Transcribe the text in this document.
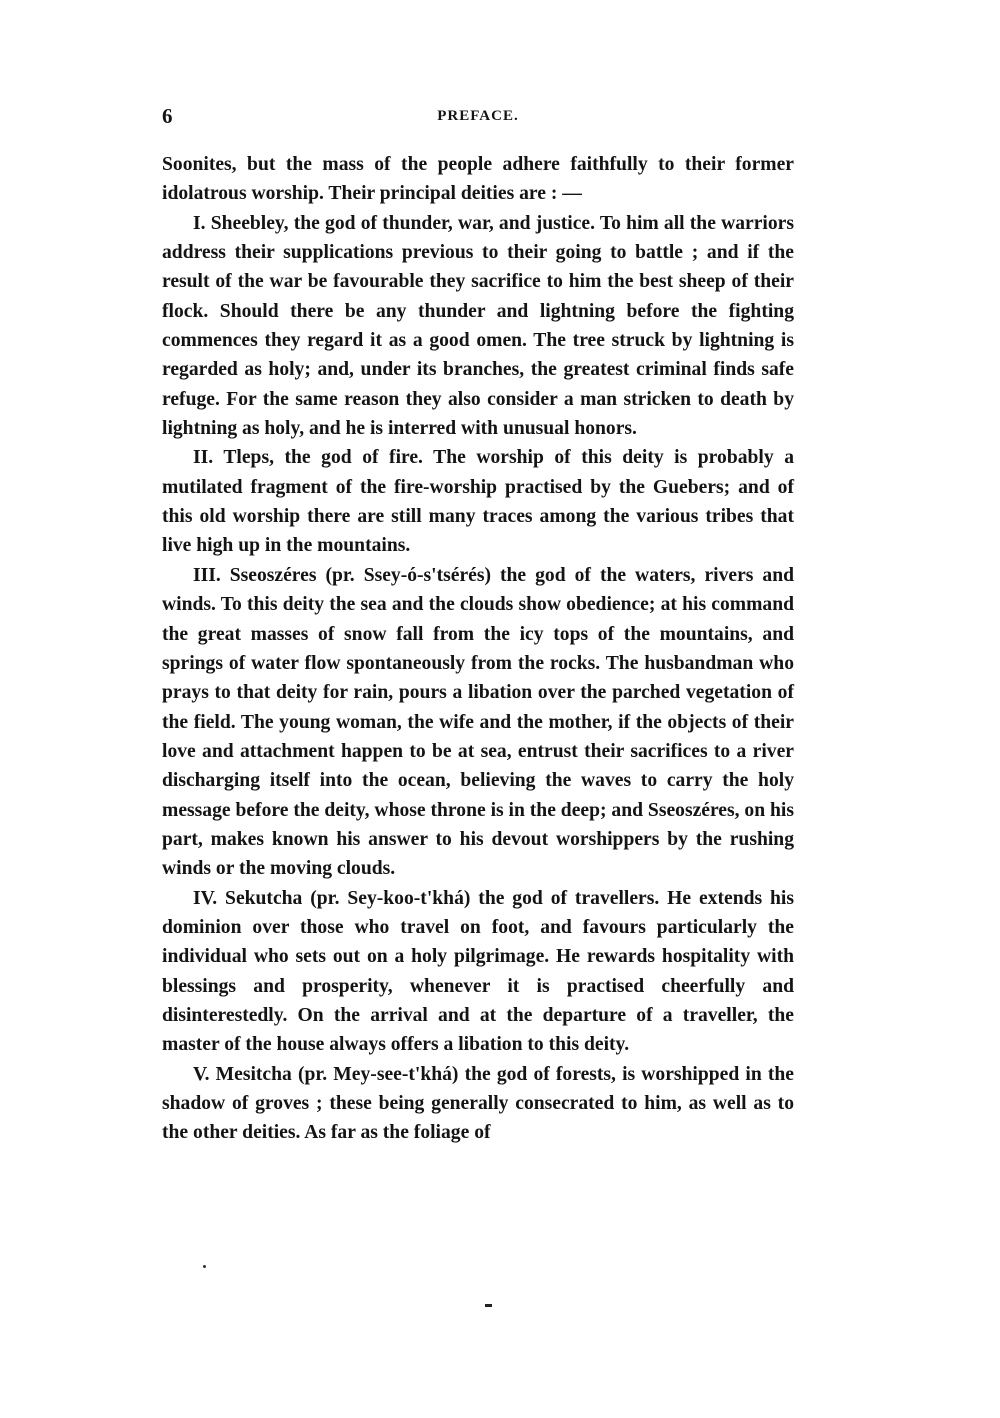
6	PREFACE.

Soonites, but the mass of the people adhere faithfully to their former idolatrous worship. Their principal deities are : —

I. Sheebley, the god of thunder, war, and justice. To him all the warriors address their supplications previous to their going to battle ; and if the result of the war be favourable they sacrifice to him the best sheep of their flock. Should there be any thunder and lightning before the fighting commences they regard it as a good omen. The tree struck by lightning is regarded as holy; and, under its branches, the greatest criminal finds safe refuge. For the same reason they also consider a man stricken to death by lightning as holy, and he is interred with unusual honors.

II. Tleps, the god of fire. The worship of this deity is probably a mutilated fragment of the fire-worship practised by the Guebers; and of this old worship there are still many traces among the various tribes that live high up in the mountains.

III. Sseoszéres (pr. Ssey-ó-s'tsérés) the god of the waters, rivers and winds. To this deity the sea and the clouds show obedience; at his command the great masses of snow fall from the icy tops of the mountains, and springs of water flow spontaneously from the rocks. The husbandman who prays to that deity for rain, pours a libation over the parched vegetation of the field. The young woman, the wife and the mother, if the objects of their love and attachment happen to be at sea, entrust their sacrifices to a river discharging itself into the ocean, believing the waves to carry the holy message before the deity, whose throne is in the deep; and Sseoszéres, on his part, makes known his answer to his devout worshippers by the rushing winds or the moving clouds.

IV. Sekutcha (pr. Sey-koo-t'khá) the god of travellers. He extends his dominion over those who travel on foot, and favours particularly the individual who sets out on a holy pilgrimage. He rewards hospitality with blessings and prosperity, whenever it is practised cheerfully and disinterestedly. On the arrival and at the departure of a traveller, the master of the house always offers a libation to this deity.

V. Mesitcha (pr. Mey-see-t'khá) the god of forests, is worshipped in the shadow of groves ; these being generally consecrated to him, as well as to the other deities. As far as the foliage of
